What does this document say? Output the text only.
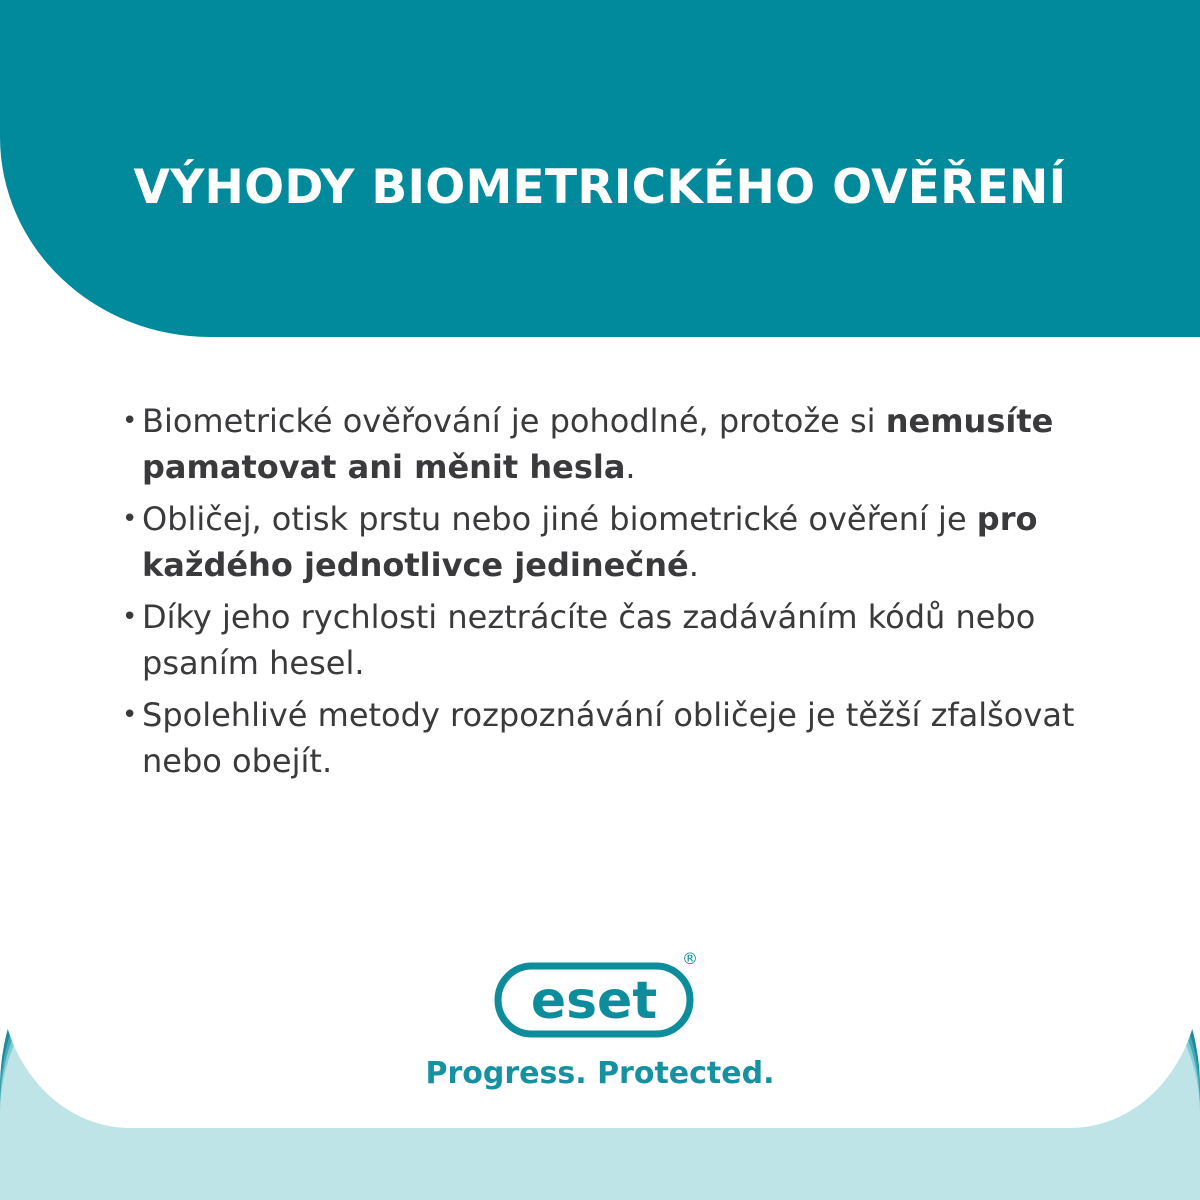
VÝHODY BIOMETRICKÉHO OVĚŘENÍ
• Biometrické ověřování je pohodlné, protože si nemusíte pamatovat ani měnit hesla.
• Obličej, otisk prstu nebo jiné biometrické ověření je pro každého jednotlivce jedinečné.
• Díky jeho rychlosti neztrácíte čas zadáváním kódů nebo psaním hesel.
• Spolehlivé metody rozpoznávání obličeje je těžší zfalšovat nebo obejít.
eset
®

Progress. Protected.
